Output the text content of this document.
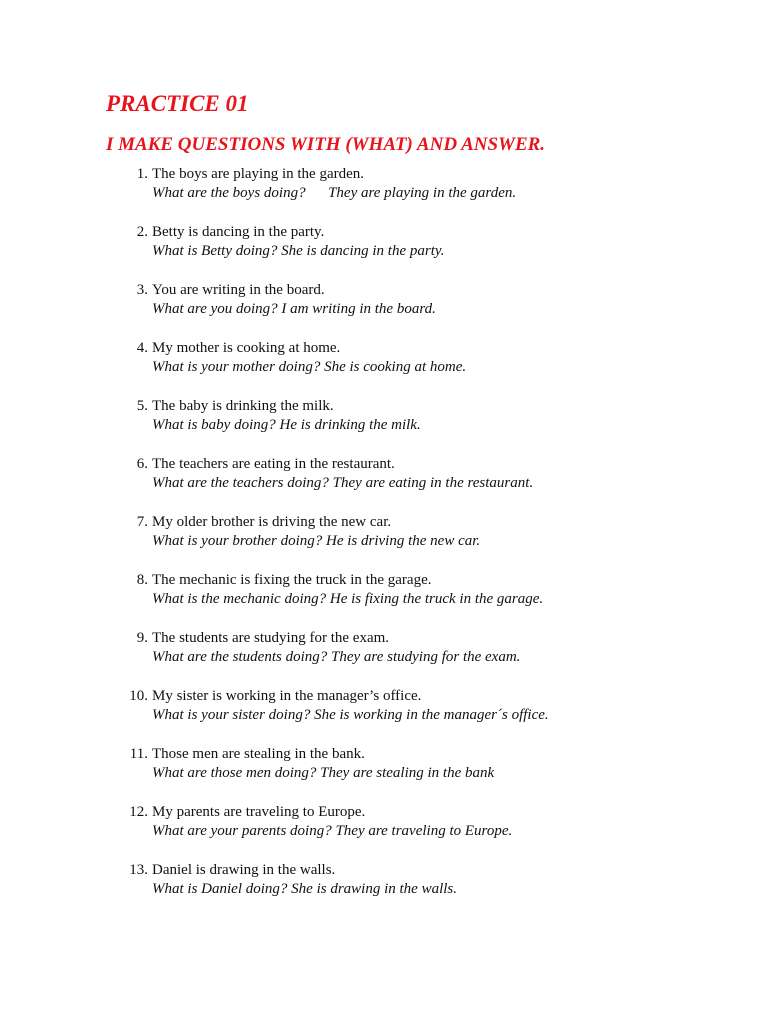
PRACTICE 01
I MAKE QUESTIONS WITH (WHAT) AND ANSWER.
1. The boys are playing in the garden.
What are the boys doing?      They are playing in the garden.
2. Betty is dancing in the party.
What is Betty doing? She is dancing in the party.
3. You are writing in the board.
What are you doing? I am writing in the board.
4. My mother is cooking at home.
What is your mother doing? She is cooking at home.
5. The baby is drinking the milk.
What is baby doing? He is drinking the milk.
6. The teachers are eating in the restaurant.
What are the teachers doing? They are eating in the restaurant.
7. My older brother is driving the new car.
What is your brother doing? He is driving the new car.
8. The mechanic is fixing the truck in the garage.
What is the mechanic doing? He is fixing the truck in the garage.
9. The students are studying for the exam.
What are the students doing? They are studying for the exam.
10. My sister is working in the manager’s office.
What is your sister doing? She is working in the manager´s office.
11. Those men are stealing in the bank.
What are those men doing? They are stealing in the bank
12. My parents are traveling to Europe.
What are your parents doing? They are traveling to Europe.
13. Daniel is drawing in the walls.
What is Daniel doing? She is drawing in the walls.
